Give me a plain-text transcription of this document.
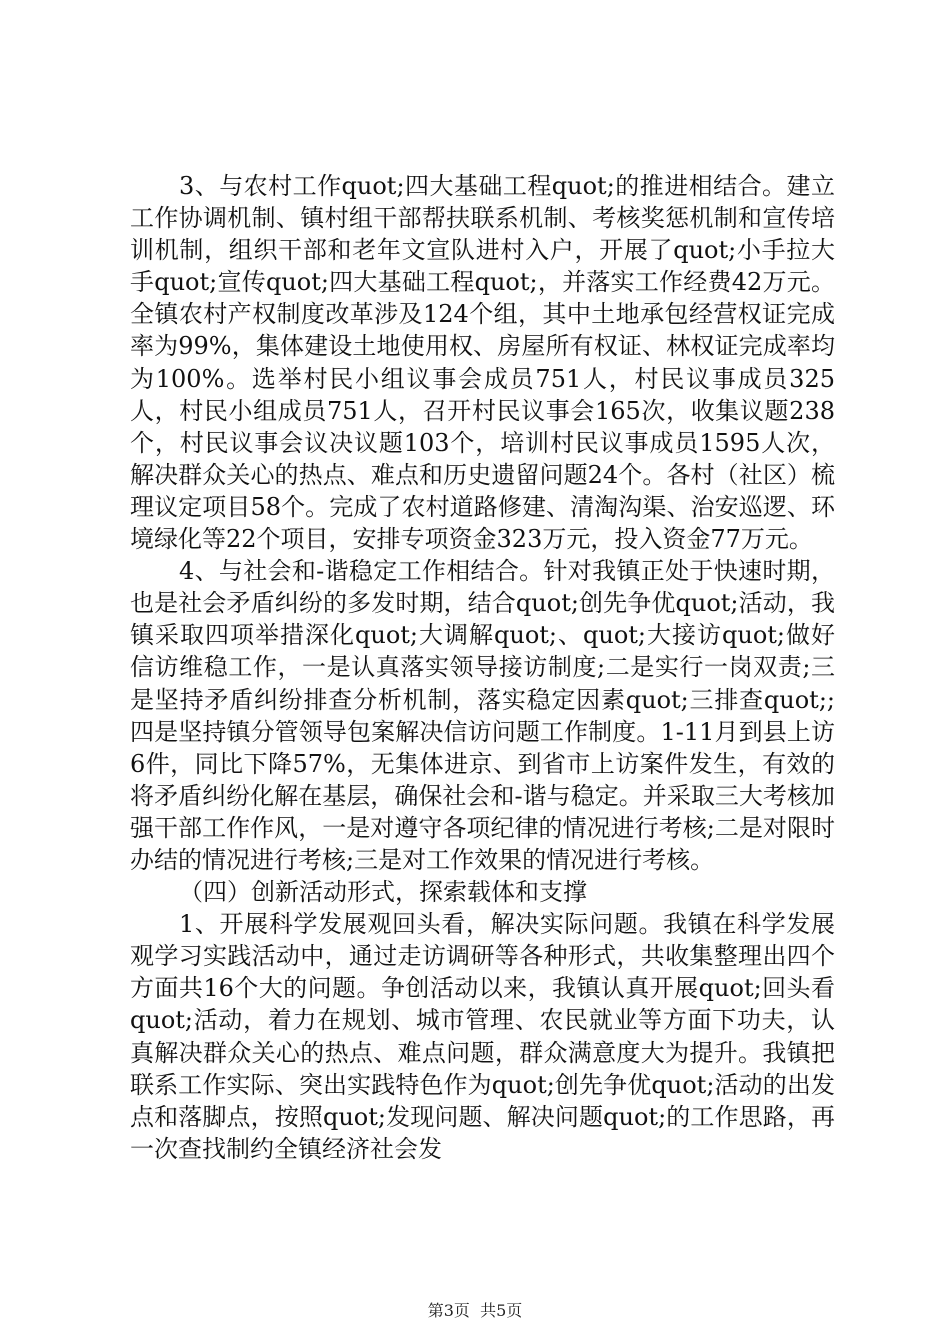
3、与农村工作quot;四大基础工程quot;的推进相结合。建立工作协调机制、镇村组干部帮扶联系机制、考核奖惩机制和宣传培训机制，组织干部和老年文宣队进村入户，开展了quot;小手拉大手quot;宣传quot;四大基础工程quot;，并落实工作经费42万元。全镇农村产权制度改革涉及124个组，其中土地承包经营权证完成率为99%，集体建设土地使用权、房屋所有权证、林权证完成率均为100%。选举村民小组议事会成员751人，村民议事成员325人，村民小组成员751人，召开村民议事会165次，收集议题238个，村民议事会议决议题103个，培训村民议事成员1595人次，解决群众关心的热点、难点和历史遗留问题24个。各村（社区）梳理议定项目58个。完成了农村道路修建、清淘沟渠、治安巡逻、环境绿化等22个项目，安排专项资金323万元，投入资金77万元。

4、与社会和-谐稳定工作相结合。针对我镇正处于快速时期，也是社会矛盾纠纷的多发时期，结合quot;创先争优quot;活动，我镇采取四项举措深化quot;大调解quot;、quot;大接访quot;做好信访维稳工作，一是认真落实领导接访制度;二是实行一岗双责;三是坚持矛盾纠纷排查分析机制，落实稳定因素quot;三排查quot;;四是坚持镇分管领导包案解决信访问题工作制度。1-11月到县上访6件，同比下降57%，无集体进京、到省市上访案件发生，有效的将矛盾纠纷化解在基层，确保社会和-谐与稳定。并采取三大考核加强干部工作作风，一是对遵守各项纪律的情况进行考核;二是对限时办结的情况进行考核;三是对工作效果的情况进行考核。

（四）创新活动形式，探索载体和支撑

1、开展科学发展观回头看，解决实际问题。我镇在科学发展观学习实践活动中，通过走访调研等各种形式，共收集整理出四个方面共16个大的问题。争创活动以来，我镇认真开展quot;回头看quot;活动，着力在规划、城市管理、农民就业等方面下功夫，认真解决群众关心的热点、难点问题，群众满意度大为提升。我镇把联系工作实际、突出实践特色作为quot;创先争优quot;活动的出发点和落脚点，按照quot;发现问题、解决问题quot;的工作思路，再一次查找制约全镇经济社会发

第3页  共5页
